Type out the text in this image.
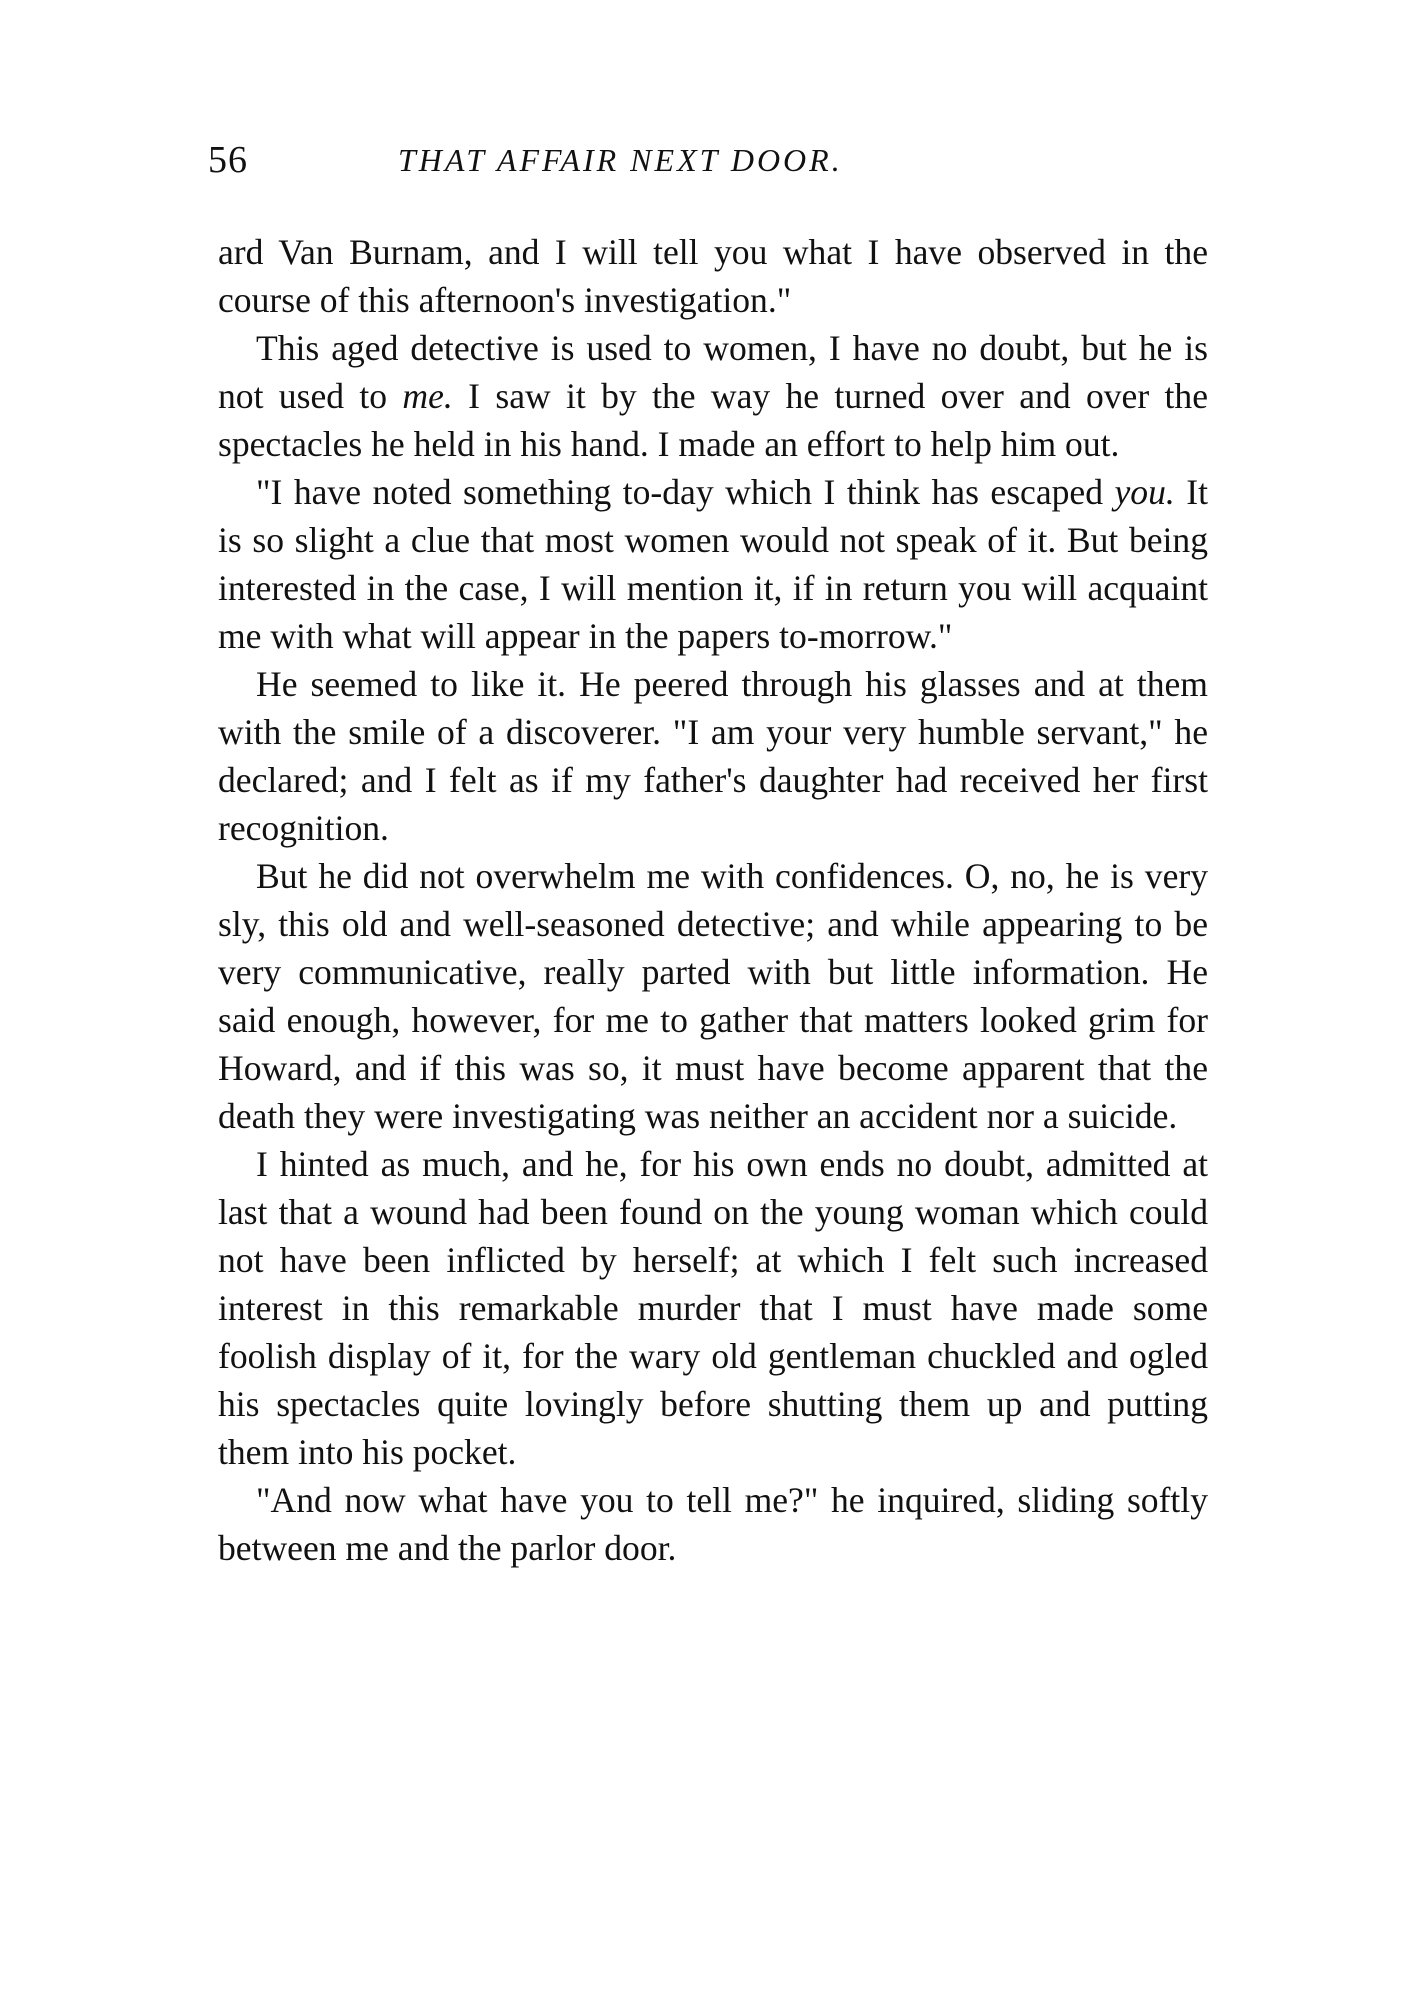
56	THAT AFFAIR NEXT DOOR.

ard Van Burnam, and I will tell you what I have observed in the course of this afternoon's investigation."

This aged detective is used to women, I have no doubt, but he is not used to me. I saw it by the way he turned over and over the spectacles he held in his hand. I made an effort to help him out.

"I have noted something to-day which I think has escaped you. It is so slight a clue that most women would not speak of it. But being interested in the case, I will mention it, if in return you will acquaint me with what will appear in the papers to-morrow."

He seemed to like it. He peered through his glasses and at them with the smile of a discoverer. "I am your very humble servant," he declared; and I felt as if my father's daughter had received her first recognition.

But he did not overwhelm me with confidences. O, no, he is very sly, this old and well-seasoned detective; and while appearing to be very communicative, really parted with but little information. He said enough, however, for me to gather that matters looked grim for Howard, and if this was so, it must have become apparent that the death they were investigating was neither an accident nor a suicide.

I hinted as much, and he, for his own ends no doubt, admitted at last that a wound had been found on the young woman which could not have been inflicted by herself; at which I felt such increased interest in this remarkable murder that I must have made some foolish display of it, for the wary old gentleman chuckled and ogled his spectacles quite lovingly before shutting them up and putting them into his pocket.

"And now what have you to tell me?" he inquired, sliding softly between me and the parlor door.
